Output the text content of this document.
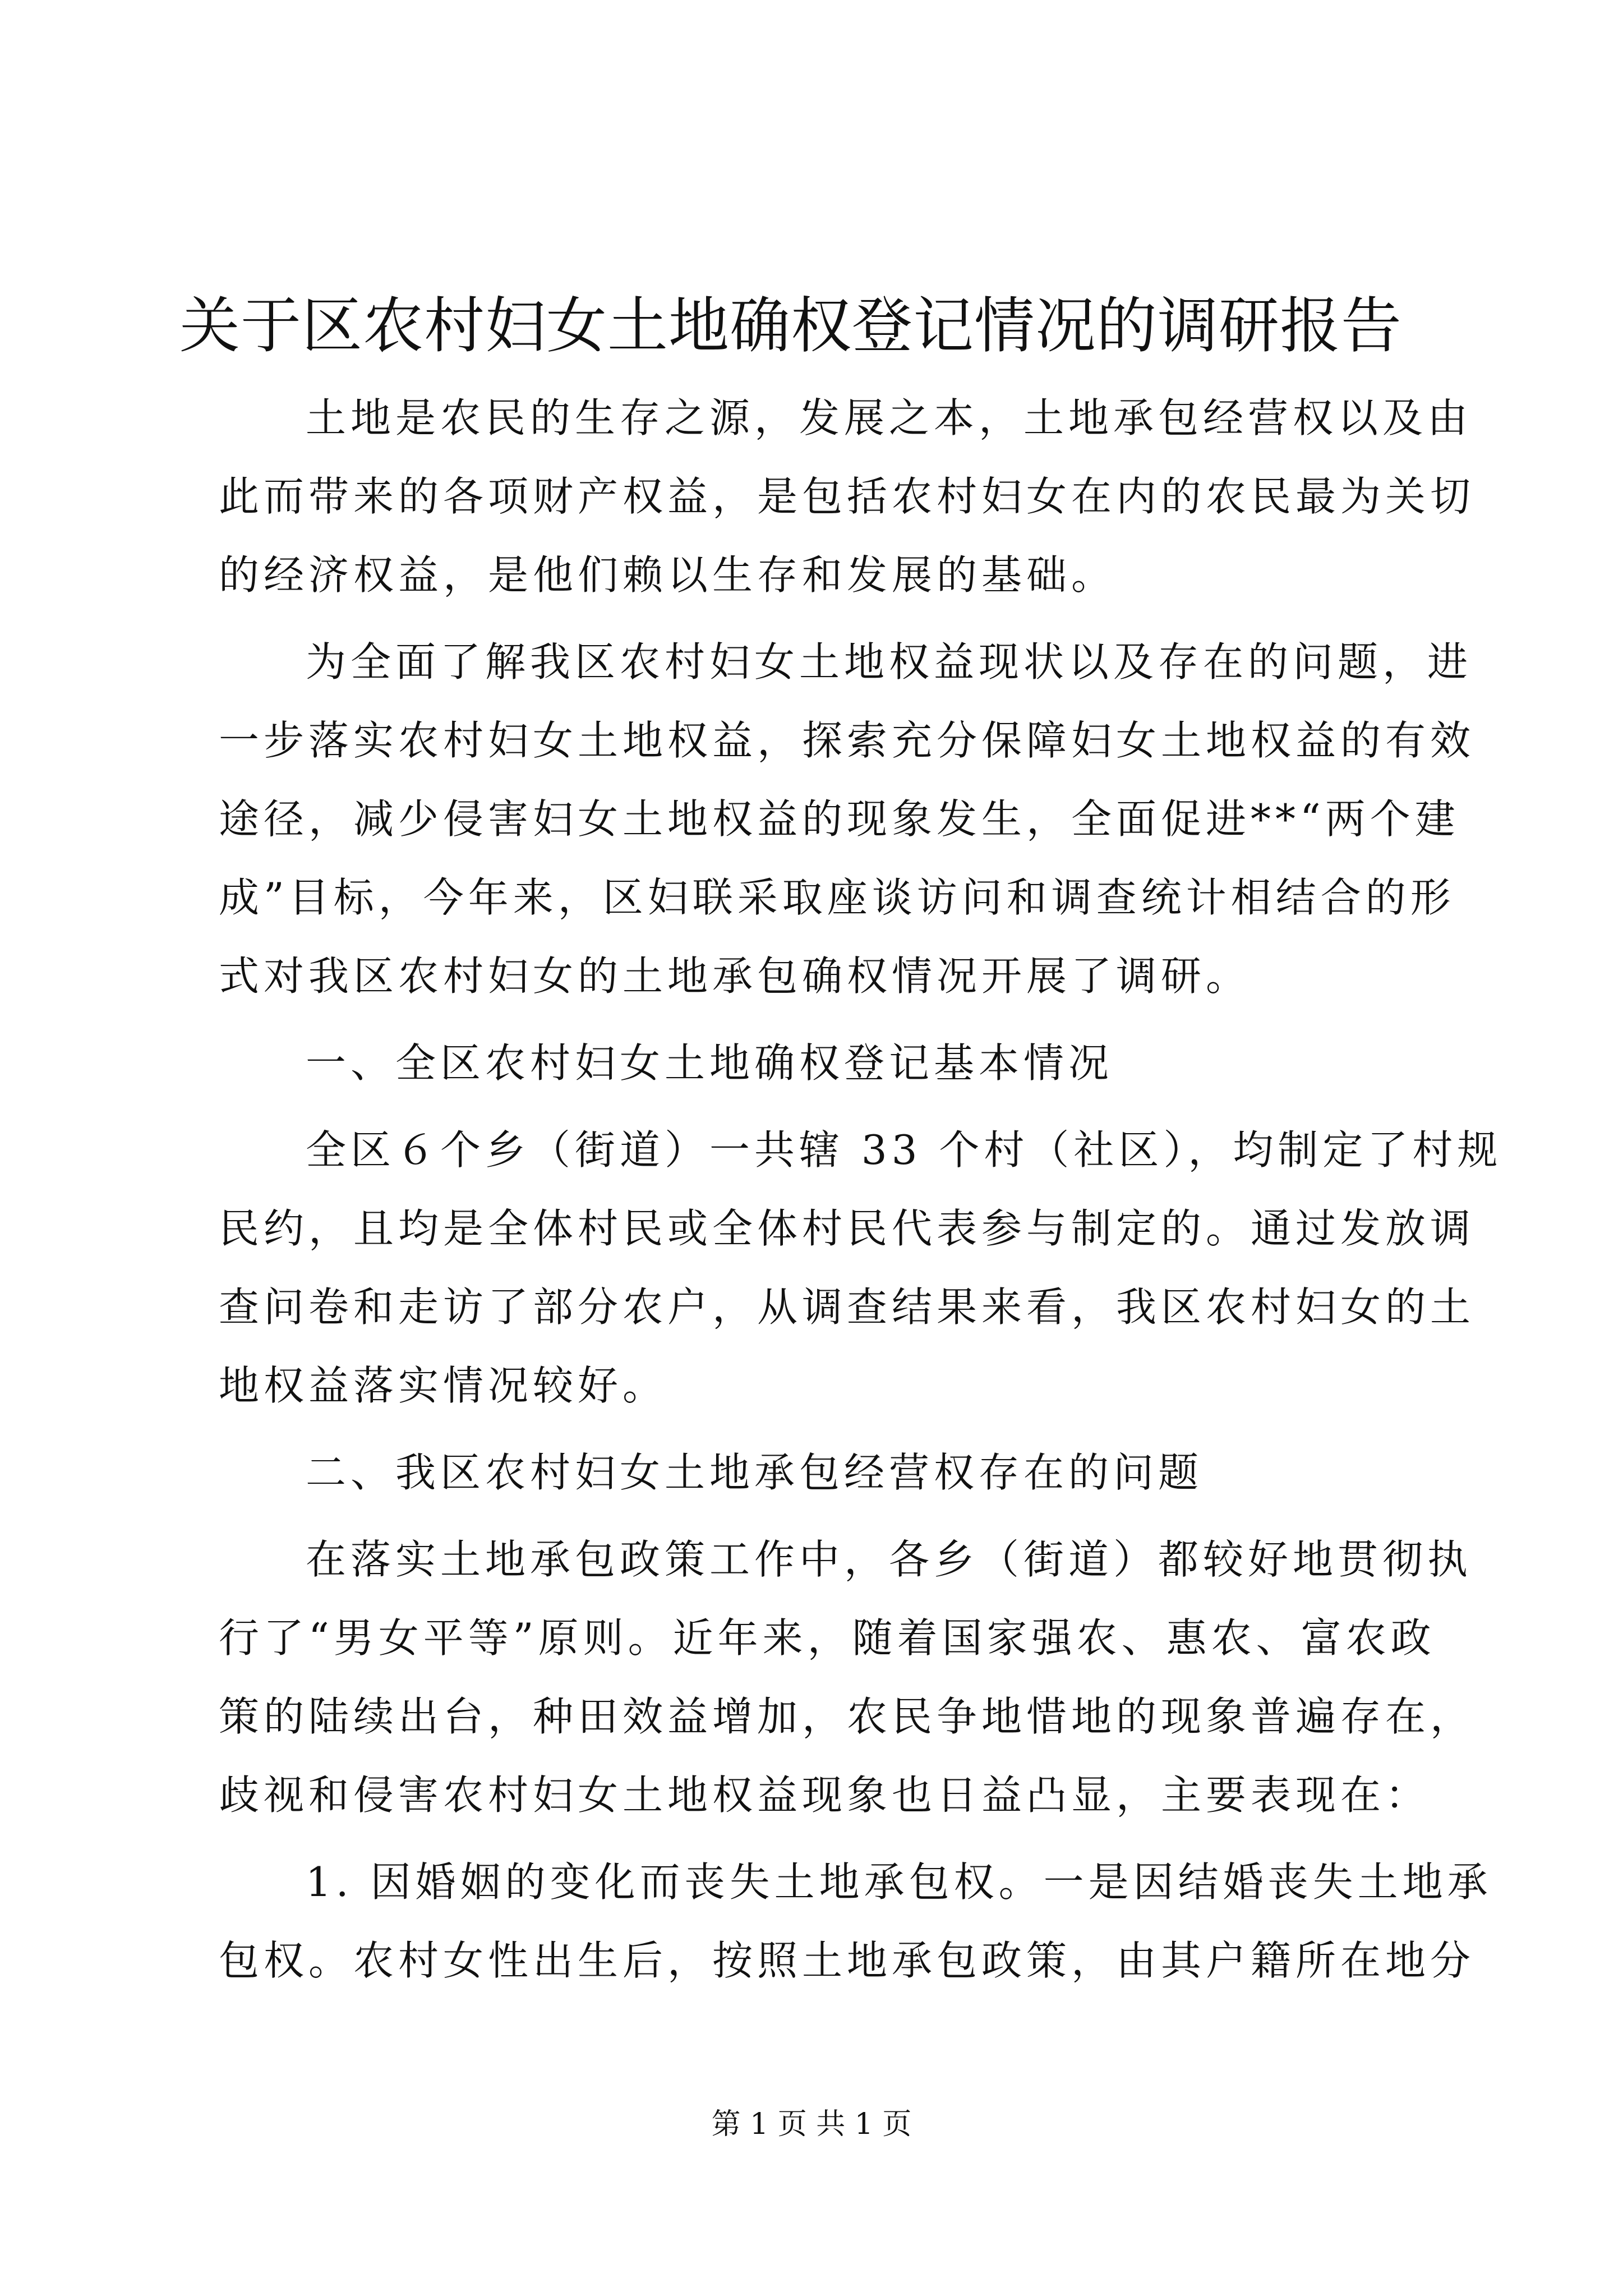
关于区农村妇女土地确权登记情况的调研报告

土地是农民的生存之源，发展之本，土地承包经营权以及由

此而带来的各项财产权益，是包括农村妇女在内的农民最为关切

的经济权益，是他们赖以生存和发展的基础。

为全面了解我区农村妇女土地权益现状以及存在的问题，进

一步落实农村妇女土地权益，探索充分保障妇女土地权益的有效

途径，减少侵害妇女土地权益的现象发生，全面促进**“两个建

成”目标，今年来，区妇联采取座谈访问和调查统计相结合的形

式对我区农村妇女的土地承包确权情况开展了调研。

一、全区农村妇女土地确权登记基本情况

全区６个乡（街道）一共辖 33 个村（社区），均制定了村规

民约，且均是全体村民或全体村民代表参与制定的。通过发放调

查问卷和走访了部分农户，从调查结果来看，我区农村妇女的土

地权益落实情况较好。

二、我区农村妇女土地承包经营权存在的问题

在落实土地承包政策工作中，各乡（街道）都较好地贯彻执

行了“男女平等”原则。近年来，随着国家强农、惠农、富农政

策的陆续出台，种田效益增加，农民争地惜地的现象普遍存在，

歧视和侵害农村妇女土地权益现象也日益凸显，主要表现在：

1. 因婚姻的变化而丧失土地承包权。一是因结婚丧失土地承

包权。农村女性出生后，按照土地承包政策，由其户籍所在地分

第 1 页 共 1 页
